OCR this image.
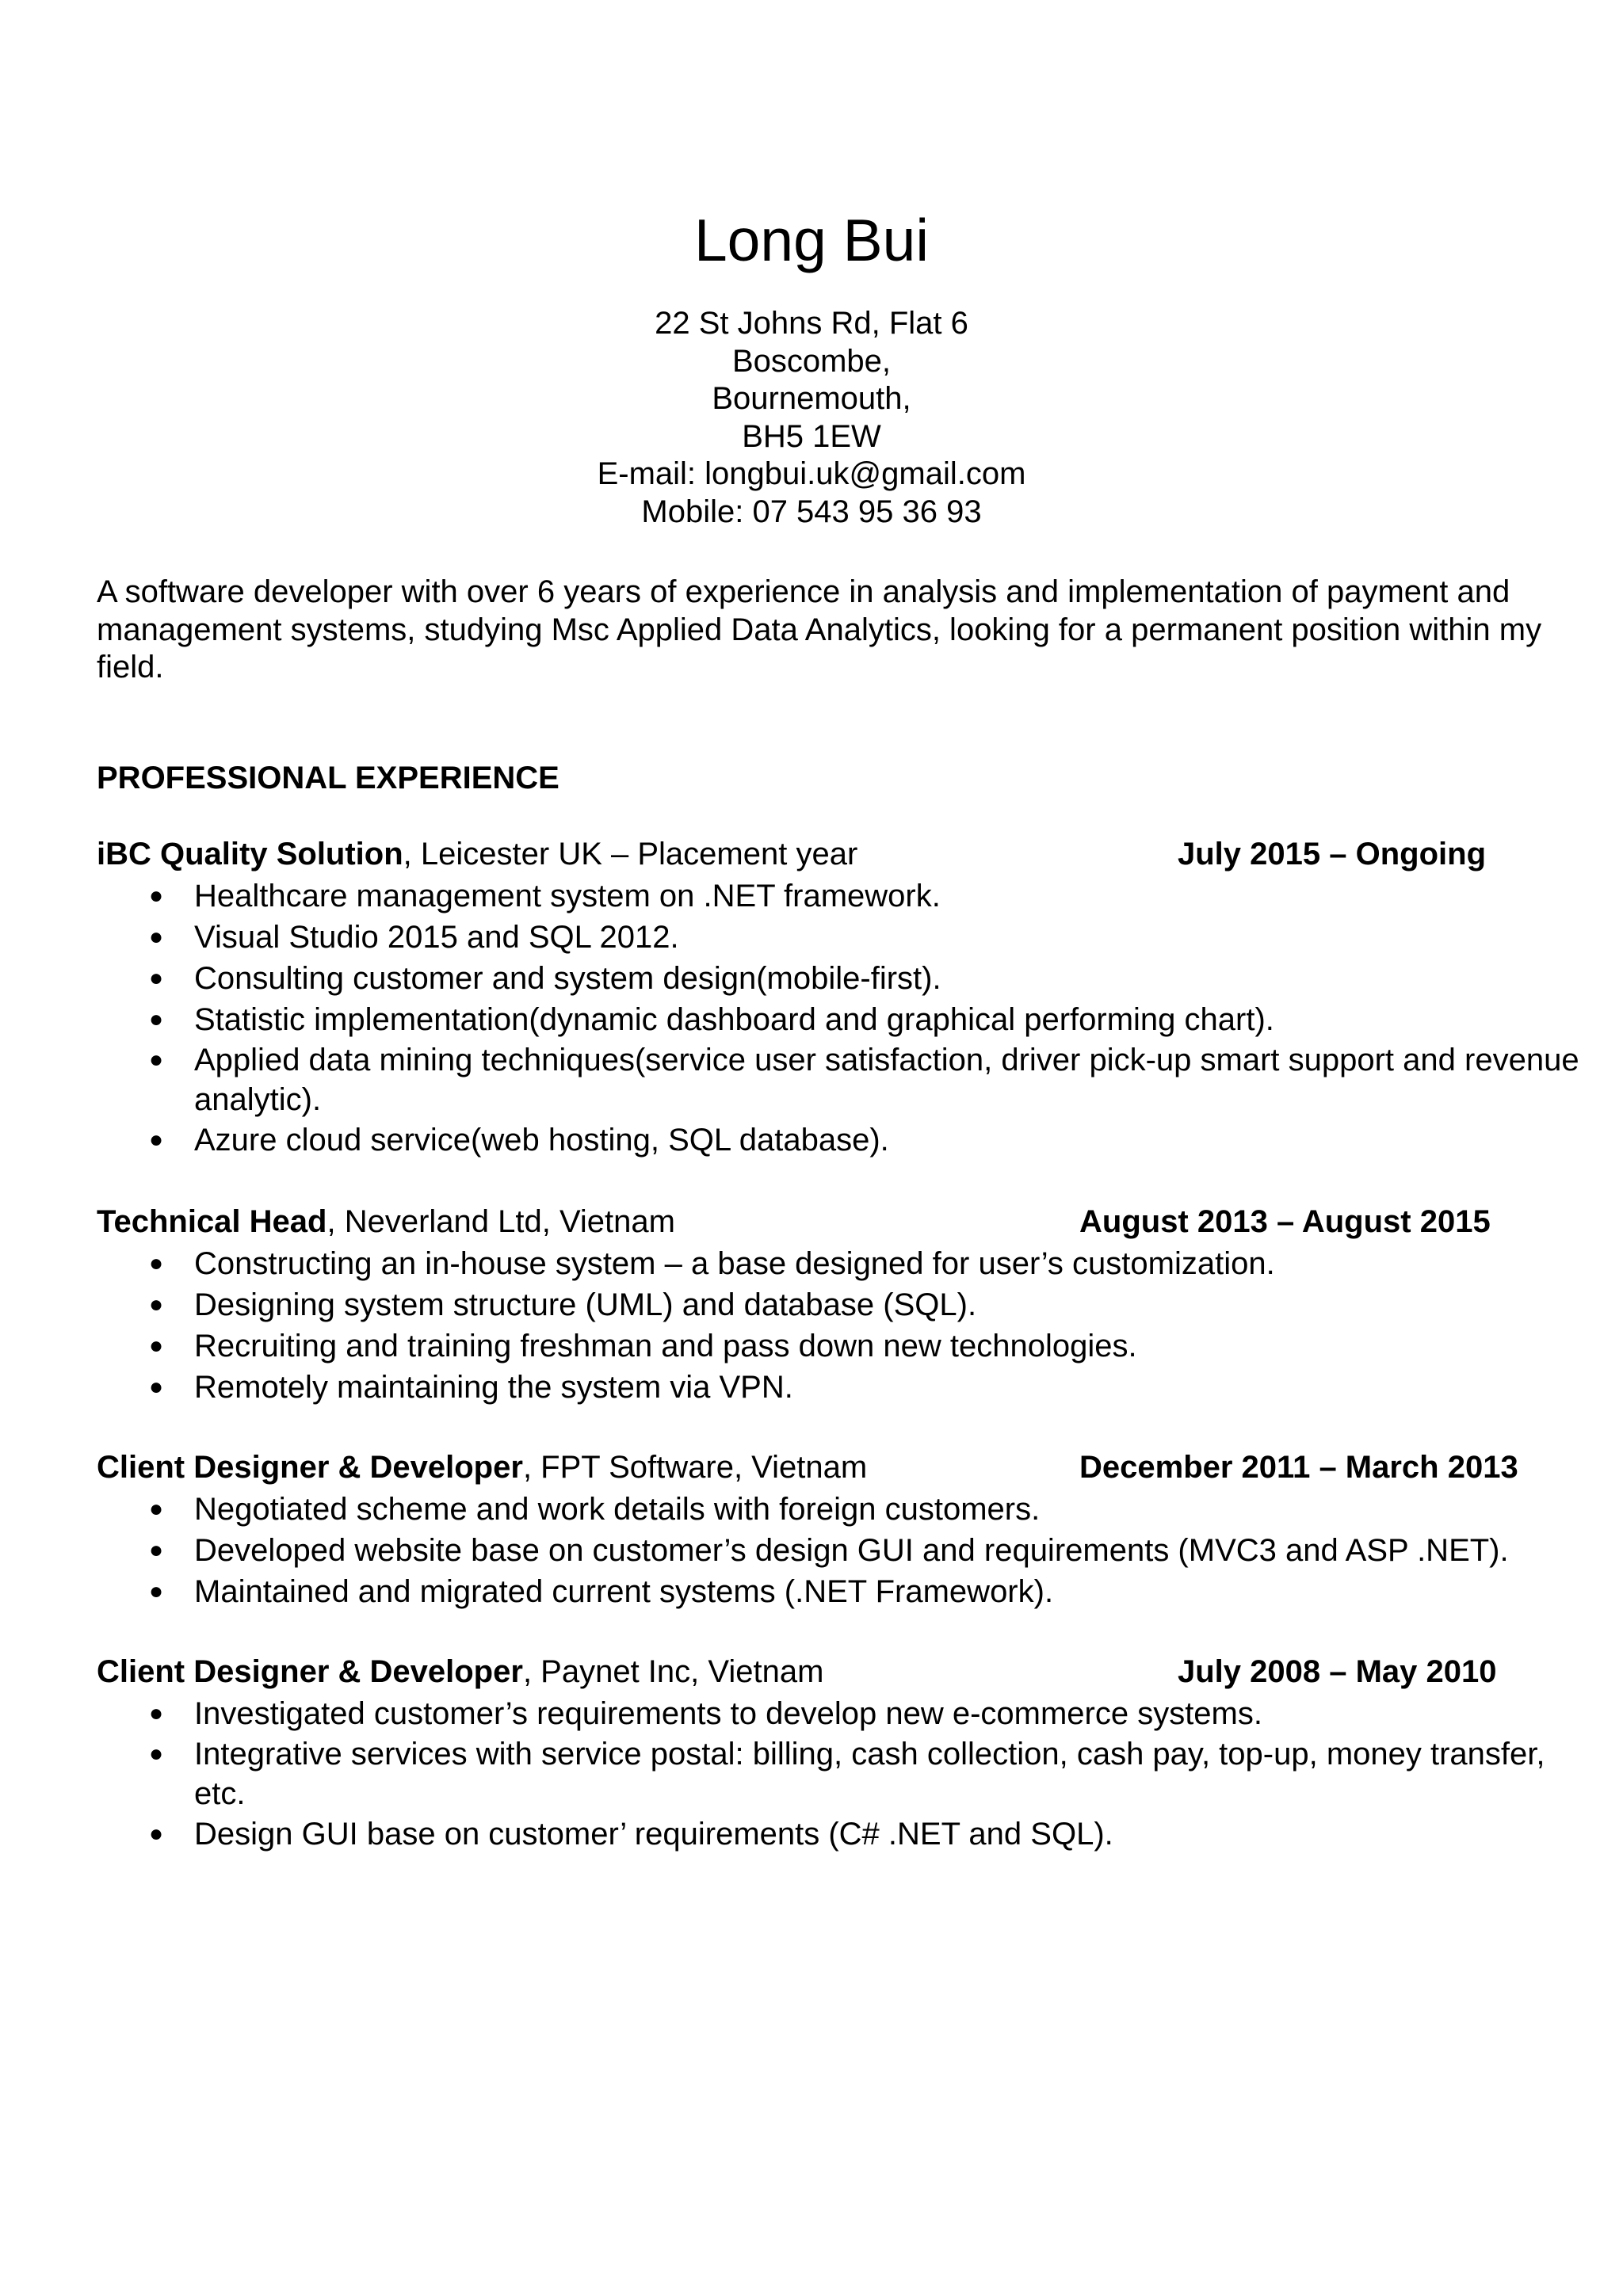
Long Bui
22 St Johns Rd, Flat 6
Boscombe,
Bournemouth,
BH5 1EW
E-mail: longbui.uk@gmail.com
Mobile: 07 543 95 36 93
A software developer with over 6 years of experience in analysis and implementation of payment and management systems, studying Msc Applied Data Analytics, looking for a permanent position within my field.
PROFESSIONAL EXPERIENCE
iBC Quality Solution, Leicester UK – Placement year	July 2015 – Ongoing
● Healthcare management system on .NET framework.
● Visual Studio 2015 and SQL 2012.
● Consulting customer and system design(mobile-first).
● Statistic implementation(dynamic dashboard and graphical performing chart).
● Applied data mining techniques(service user satisfaction, driver pick-up smart support and revenue analytic).
● Azure cloud service(web hosting, SQL database).
Technical Head, Neverland Ltd, Vietnam	August 2013 – August 2015
● Constructing an in-house system – a base designed for user’s customization.
● Designing system structure (UML) and database (SQL).
● Recruiting and training freshman and pass down new technologies.
● Remotely maintaining the system via VPN.
Client Designer & Developer, FPT Software, Vietnam	December 2011 – March 2013
● Negotiated scheme and work details with foreign customers.
● Developed website base on customer’s design GUI and requirements (MVC3 and ASP .NET).
● Maintained and migrated current systems (.NET Framework).
Client Designer & Developer, Paynet Inc, Vietnam	July 2008 – May 2010
● Investigated customer’s requirements to develop new e-commerce systems.
● Integrative services with service postal: billing, cash collection, cash pay, top-up, money transfer, etc.
● Design GUI base on customer’ requirements (C# .NET and SQL).
